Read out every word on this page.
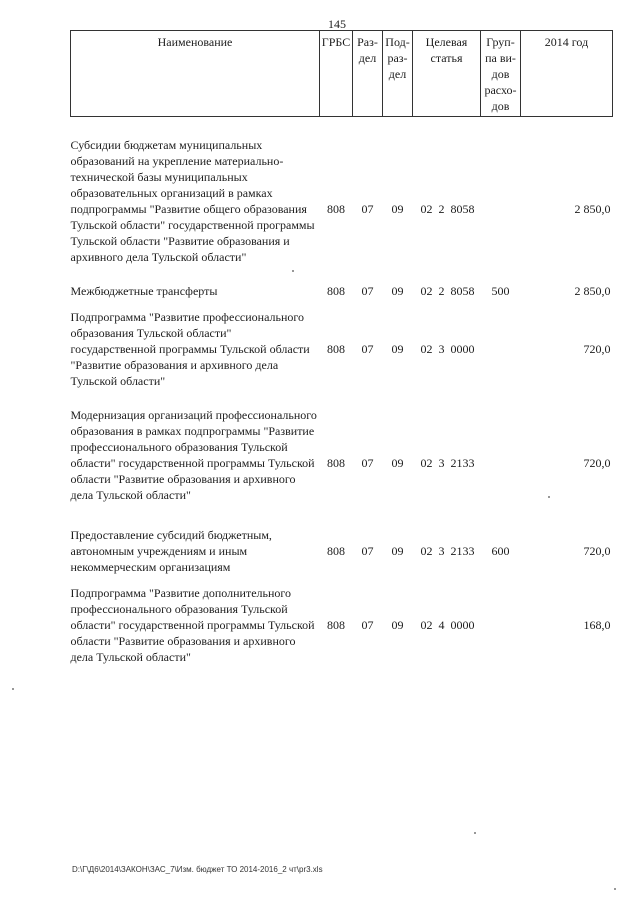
145
Наименование	ГРБС	Раз-дел	Под-раз-дел	Целевая статья	Груп-па ви-дов расхо-дов	2014 год

Субсидии бюджетам муниципальных образований на укрепление материально-технической базы муниципальных образовательных организаций в рамках подпрограммы "Развитие общего образования Тульской области" государственной программы Тульской области "Развитие образования и архивного дела Тульской области"	808	07	09	02  2  8058		2 850,0
Межбюджетные трансферты	808	07	09	02  2  8058	500	2 850,0
Подпрограмма "Развитие профессионального образования Тульской области" государственной программы Тульской области "Развитие образования и архивного дела Тульской области"	808	07	09	02  3  0000		720,0
Модернизация организаций профессионального образования в рамках подпрограммы "Развитие профессионального образования Тульской области" государственной программы Тульской области "Развитие образования и архивного дела Тульской области"	808	07	09	02  3  2133		720,0
Предоставление субсидий бюджетным, автономным учреждениям и иным некоммерческим организациям	808	07	09	02  3  2133	600	720,0
Подпрограмма "Развитие дополнительного профессионального образования Тульской области" государственной программы Тульской области "Развитие образования и архивного дела Тульской области"	808	07	09	02  4  0000		168,0
D:\Г\Д6\2014\ЗАКОН\ЗАС_7\Изм. бюджет ТО 2014-2016_2 чт\pr3.xls
